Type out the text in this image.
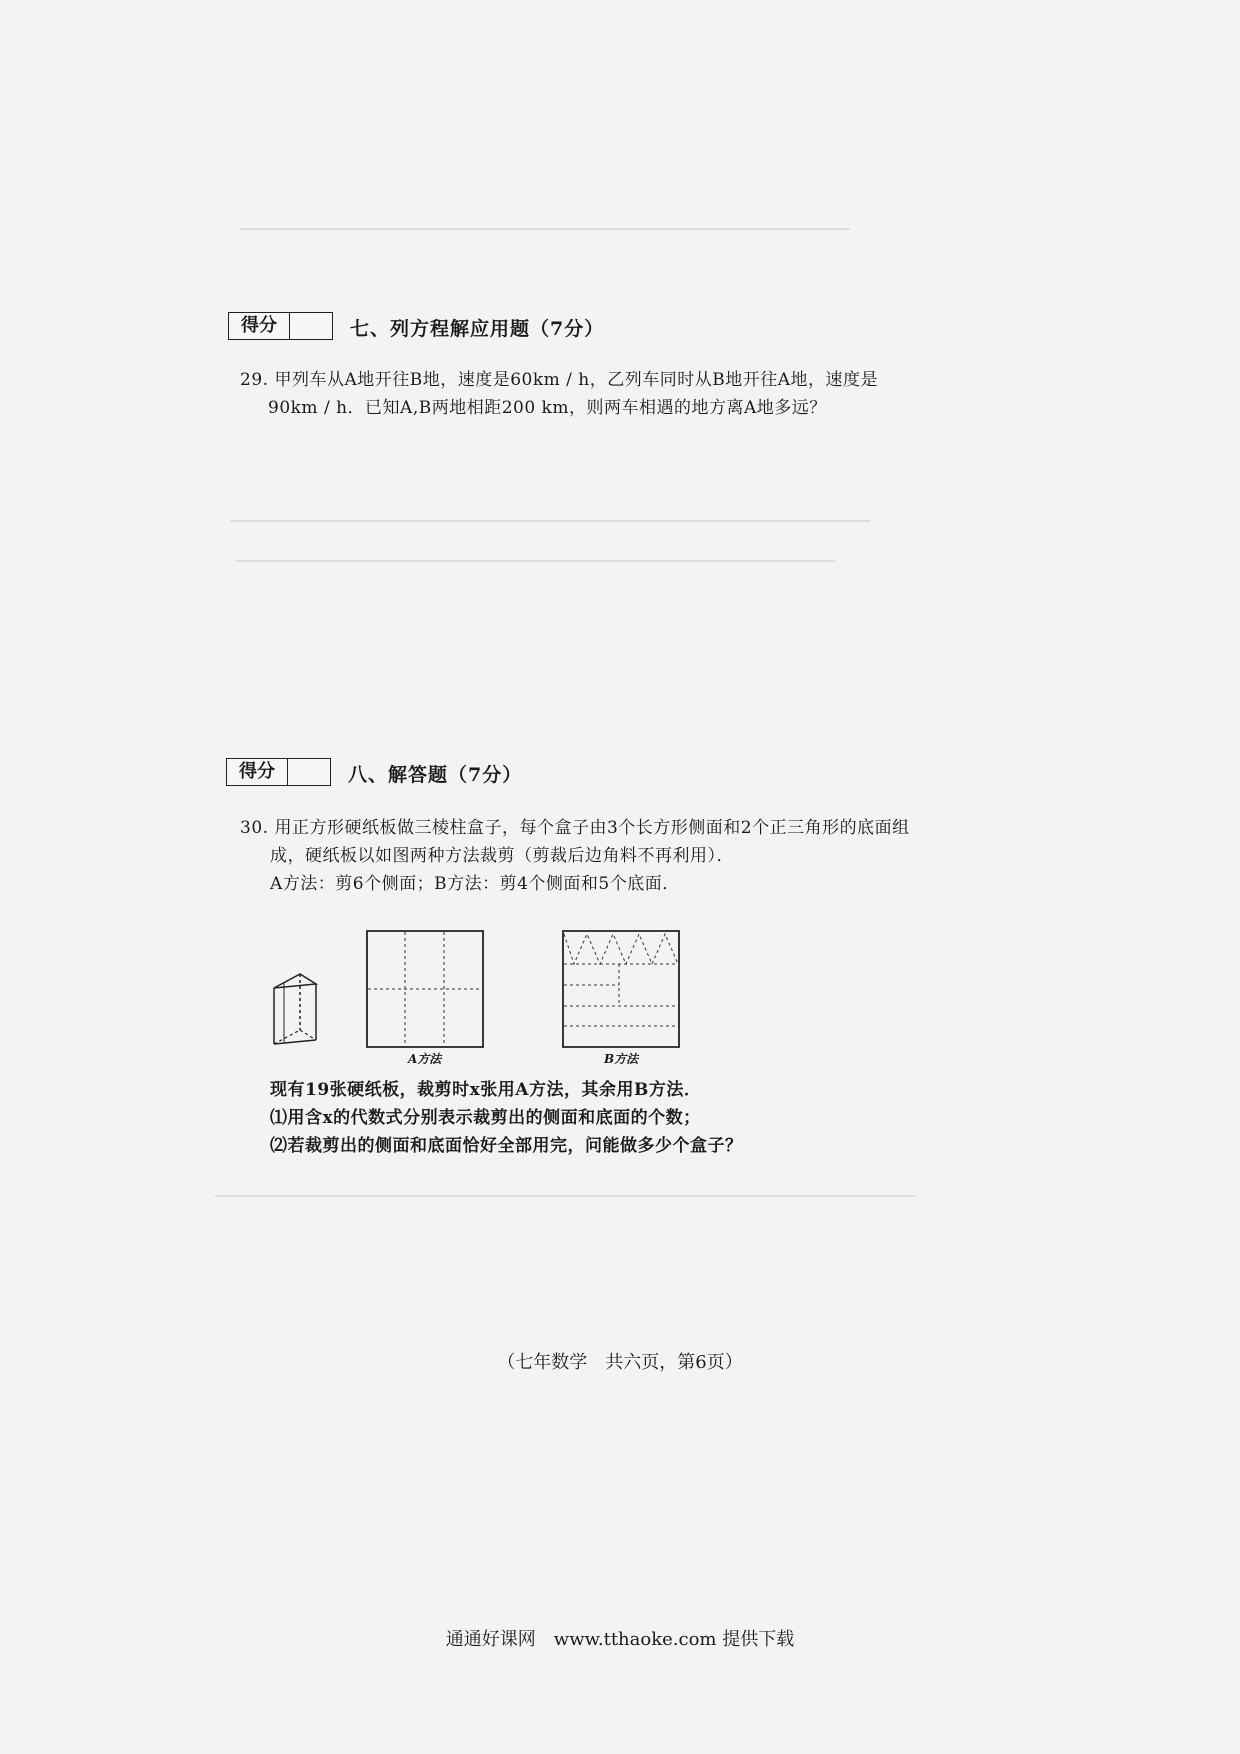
得分	七、列方程解应用题（7分）

29. 甲列车从A地开往B地，速度是60km / h，乙列车同时从B地开往A地，速度是

90km / h．已知A,B两地相距200 km，则两车相遇的地方离A地多远？

得分	八、解答题（7分）

30. 用正方形硬纸板做三棱柱盒子，每个盒子由3个长方形侧面和2个正三角形的底面组

成，硬纸板以如图两种方法裁剪（剪裁后边角料不再利用）．

A方法：剪6个侧面；B方法：剪4个侧面和5个底面．

A方法	B方法

现有19张硬纸板，裁剪时x张用A方法，其余用B方法．

⑴用含x的代数式分别表示裁剪出的侧面和底面的个数；

⑵若裁剪出的侧面和底面恰好全部用完，问能做多少个盒子？

（七年数学　共六页，第6页）
通通好课网　www.tthaoke.com 提供下载
